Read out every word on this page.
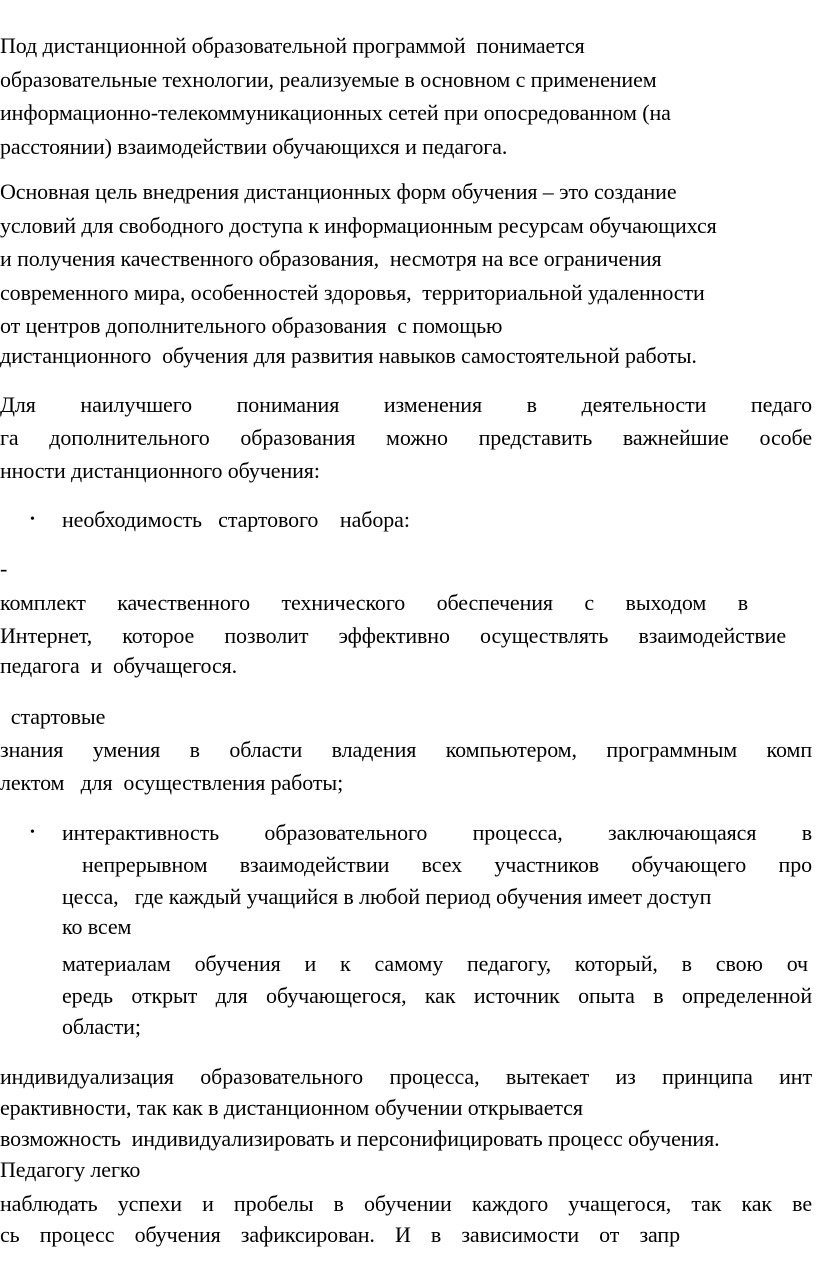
Под дистанционной образовательной программой  понимается
образовательные технологии, реализуемые в основном с применением
информационно-телекоммуникационных сетей при опосредованном (на
расстоянии) взаимодействии обучающихся и педагога.
Основная цель внедрения дистанционных форм обучения – это создание
условий для свободного доступа к информационным ресурсам обучающихся
и получения качественного образования,  несмотря на все ограничения
современного мира, особенностей здоровья,  территориальной удаленности
от центров дополнительного образования  с помощью
дистанционного  обучения для развития навыков самостоятельной работы.
Для наилучшего понимания изменения в деятельности педаго
га дополнительного образования можно представить важнейшие особе
нности дистанционного обучения:
• необходимость   стартового    набора:
-
комплект качественного технического обеспечения с выходом в
Интернет, которое позволит эффективно осуществлять взаимодействие
педагога  и  обучащегося.
стартовые
знания умения в области владения компьютером, программным комп
лектом   для  осуществления работы;
• интерактивность образовательного процесса, заключающаяся в
непрерывном взаимодействии всех участников обучающего про
цесса,   где каждый учащийся в любой период обучения имеет доступ
ко всем
материалам обучения и к самому педагогу, который, в свою оч
ередь открыт для обучающегося, как источник опыта в определенной
области;
индивидуализация образовательного процесса, вытекает из принципа инт
ерактивности, так как в дистанционном обучении открывается
возможность  индивидуализировать и персонифицировать процесс обучения.
Педагогу легко
наблюдать успехи и пробелы в обучении каждого учащегося, так как ве
сь процесс обучения зафиксирован. И в зависимости от запр
